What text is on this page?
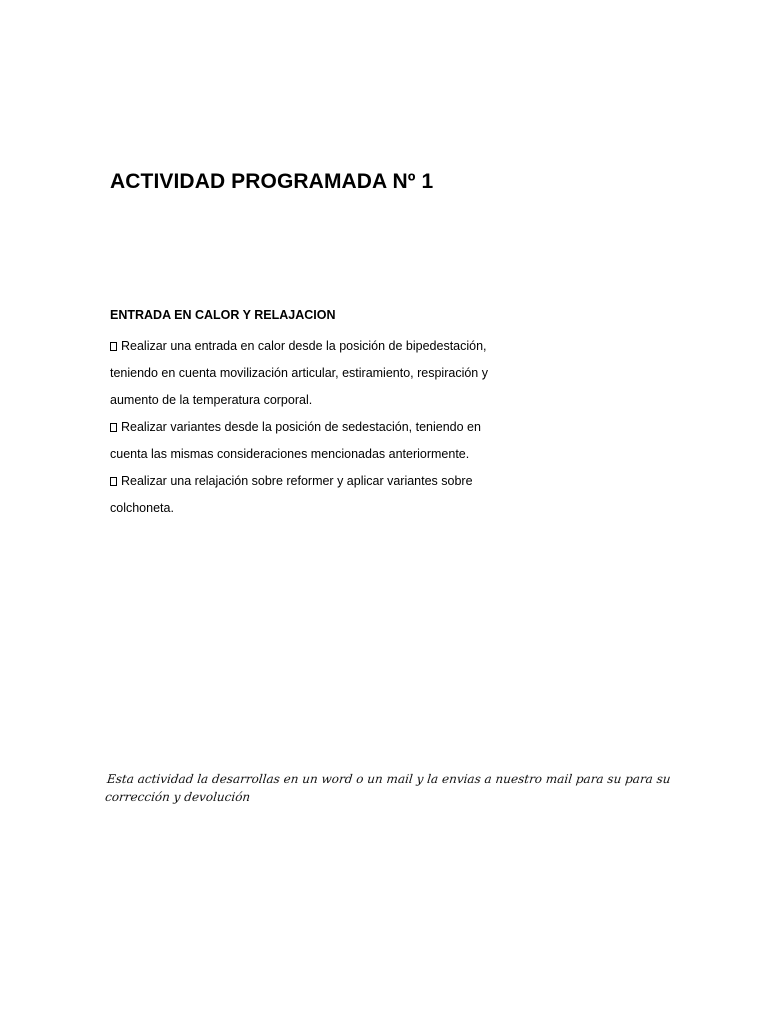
ACTIVIDAD PROGRAMADA Nº 1
ENTRADA EN CALOR Y RELAJACION
Realizar una entrada en calor desde la posición de bipedestación,
teniendo en cuenta movilización articular, estiramiento, respiración y
aumento de la temperatura corporal.
Realizar variantes desde la posición de sedestación, teniendo en
cuenta las mismas consideraciones mencionadas anteriormente.
Realizar una relajación sobre reformer y aplicar variantes sobre
colchoneta.
Esta actividad la desarrollas en un word o un mail y la envias a nuestro mail para su para su
corrección y devolución
